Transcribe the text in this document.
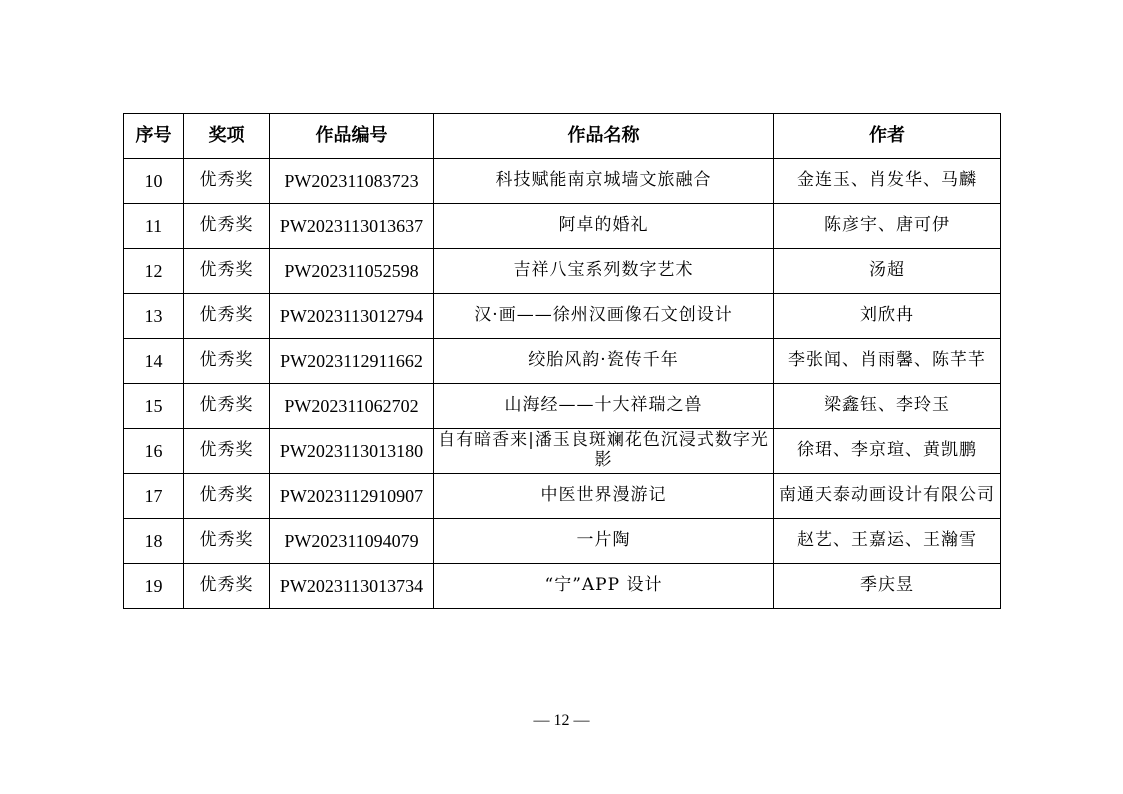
序号	奖项	作品编号	作品名称	作者
10	优秀奖	PW202311083723	科技赋能南京城墙文旅融合	金连玉、肖发华、马麟
11	优秀奖	PW2023113013637	阿卓的婚礼	陈彦宇、唐可伊
12	优秀奖	PW202311052598	吉祥八宝系列数字艺术	汤超
13	优秀奖	PW2023113012794	汉·画——徐州汉画像石文创设计	刘欣冉
14	优秀奖	PW2023112911662	绞胎风韵·瓷传千年	李张闻、肖雨馨、陈芊芊
15	优秀奖	PW202311062702	山海经——十大祥瑞之兽	梁鑫钰、李玲玉
16	优秀奖	PW2023113013180	自有暗香来|潘玉良斑斓花色沉浸式数字光影	徐珺、李京瑄、黄凯鹏
17	优秀奖	PW2023112910907	中医世界漫游记	南通天泰动画设计有限公司
18	优秀奖	PW202311094079	一片陶	赵艺、王嘉运、王瀚雪
19	优秀奖	PW2023113013734	“宁”APP 设计	季庆昱
— 12 —
